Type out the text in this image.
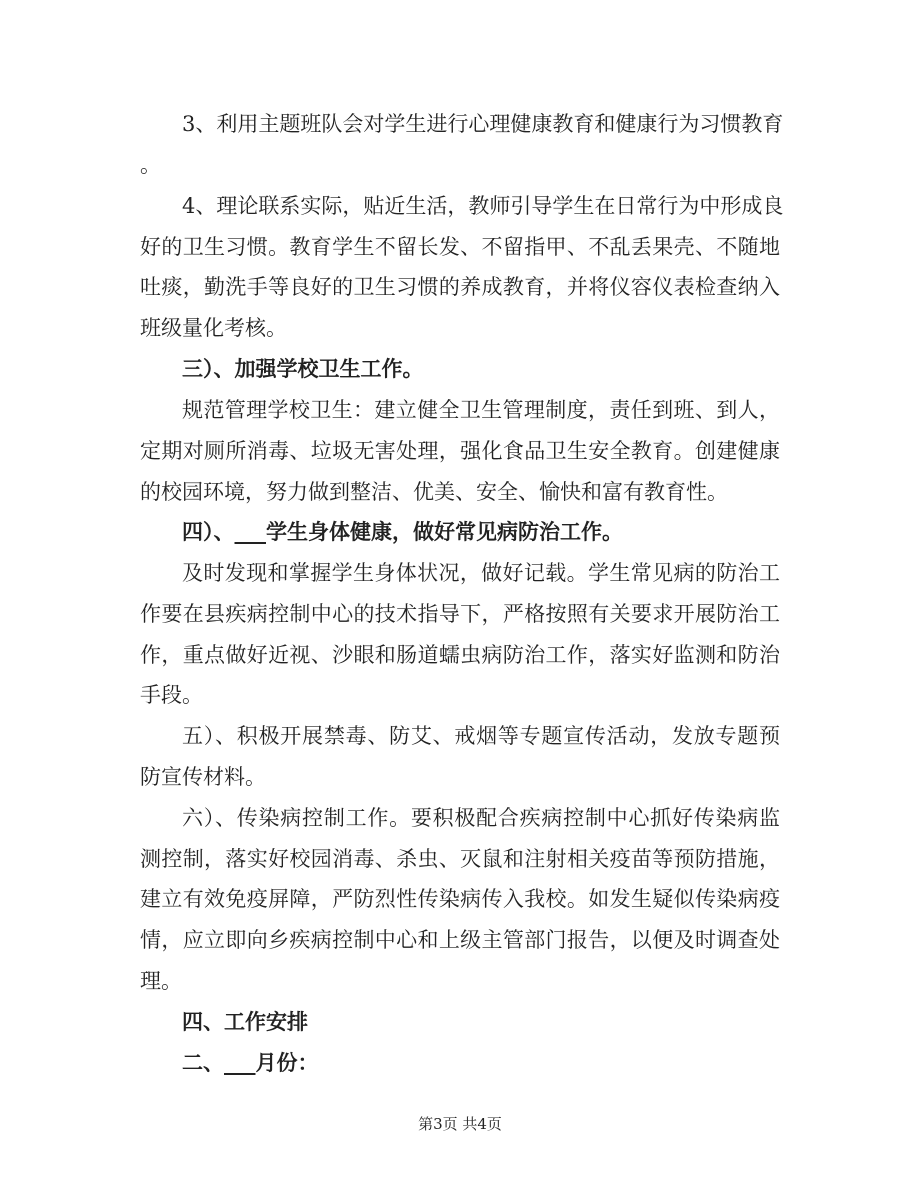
3、利用主题班队会对学生进行心理健康教育和健康行为习惯教育
。
4、理论联系实际，贴近生活，教师引导学生在日常行为中形成良
好的卫生习惯。教育学生不留长发、不留指甲、不乱丢果壳、不随地
吐痰，勤洗手等良好的卫生习惯的养成教育，并将仪容仪表检查纳入
班级量化考核。
三）、加强学校卫生工作。
规范管理学校卫生：建立健全卫生管理制度，责任到班、到人，
定期对厕所消毒、垃圾无害处理，强化食品卫生安全教育。创建健康
的校园环境，努力做到整洁、优美、安全、愉快和富有教育性。
四）、___学生身体健康，做好常见病防治工作。
及时发现和掌握学生身体状况，做好记载。学生常见病的防治工
作要在县疾病控制中心的技术指导下，严格按照有关要求开展防治工
作，重点做好近视、沙眼和肠道蠕虫病防治工作，落实好监测和防治
手段。
五）、积极开展禁毒、防艾、戒烟等专题宣传活动，发放专题预
防宣传材料。
六）、传染病控制工作。要积极配合疾病控制中心抓好传染病监
测控制，落实好校园消毒、杀虫、灭鼠和注射相关疫苗等预防措施，
建立有效免疫屏障，严防烈性传染病传入我校。如发生疑似传染病疫
情，应立即向乡疾病控制中心和上级主管部门报告，以便及时调查处
理。
四、工作安排
二、___月份：
第3页 共4页
